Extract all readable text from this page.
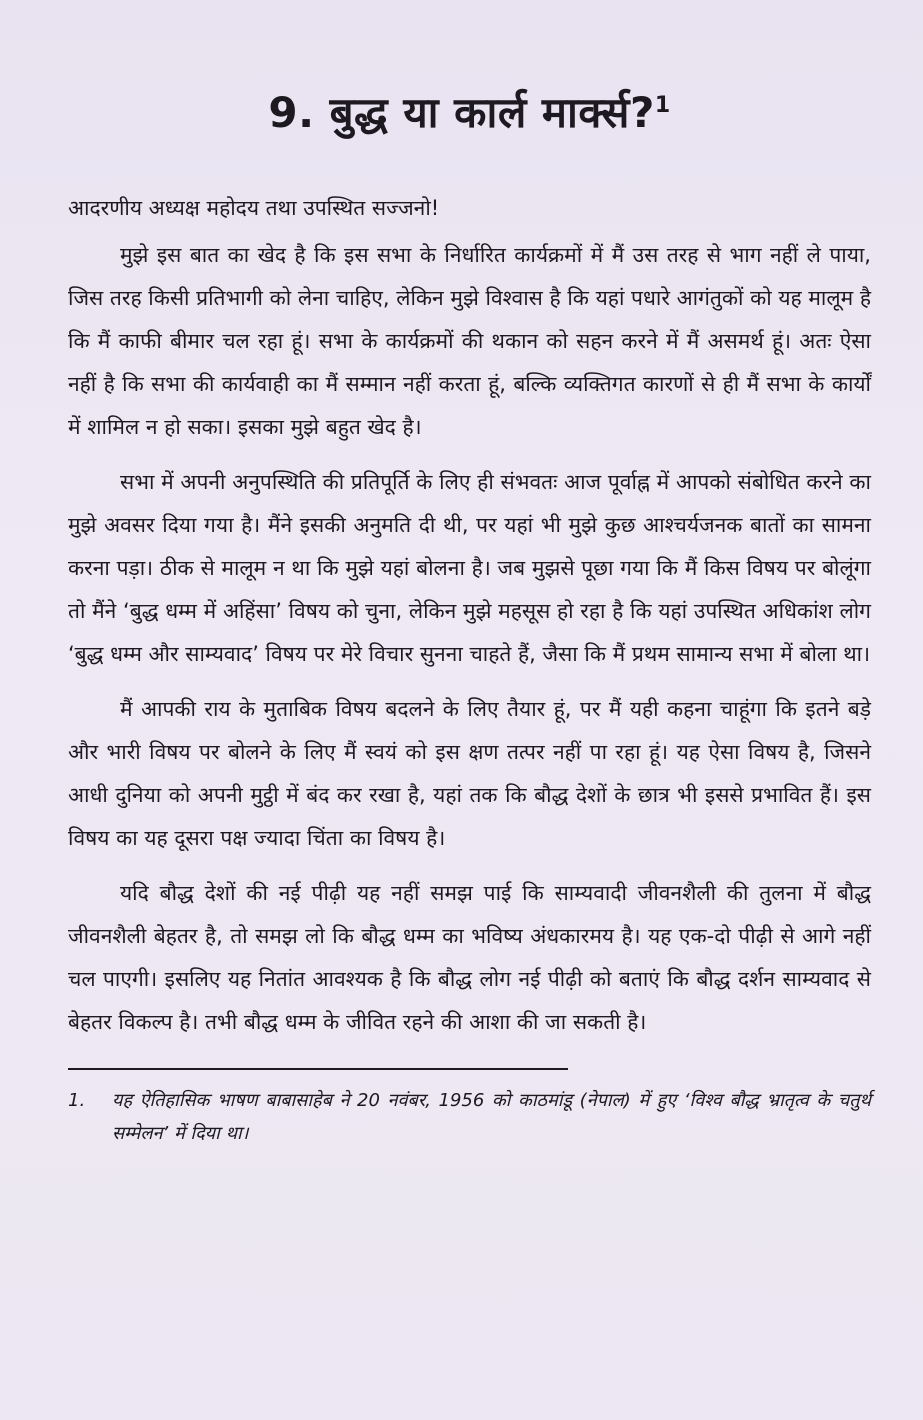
9. बुद्ध या कार्ल मार्क्स?$^1$

आदरणीय अध्यक्ष महोदय तथा उपस्थित सज्जनो!

मुझे इस बात का खेद है कि इस सभा के निर्धारित कार्यक्रमों में मैं उस तरह से भाग नहीं ले पाया, जिस तरह किसी प्रतिभागी को लेना चाहिए, लेकिन मुझे विश्वास है कि यहां पधारे आगंतुकों को यह मालूम है कि मैं काफी बीमार चल रहा हूं। सभा के कार्यक्रमों की थकान को सहन करने में मैं असमर्थ हूं। अतः ऐसा नहीं है कि सभा की कार्यवाही का मैं सम्मान नहीं करता हूं, बल्कि व्यक्तिगत कारणों से ही मैं सभा के कार्यों में शामिल न हो सका। इसका मुझे बहुत खेद है।

सभा में अपनी अनुपस्थिति की प्रतिपूर्ति के लिए ही संभवतः आज पूर्वाह्न में आपको संबोधित करने का मुझे अवसर दिया गया है। मैंने इसकी अनुमति दी थी, पर यहां भी मुझे कुछ आश्चर्यजनक बातों का सामना करना पड़ा। ठीक से मालूम न था कि मुझे यहां बोलना है। जब मुझसे पूछा गया कि मैं किस विषय पर बोलूंगा तो मैंने ‘बुद्ध धम्म में अहिंसा’ विषय को चुना, लेकिन मुझे महसूस हो रहा है कि यहां उपस्थित अधिकांश लोग ‘बुद्ध धम्म और साम्यवाद’ विषय पर मेरे विचार सुनना चाहते हैं, जैसा कि मैं प्रथम सामान्य सभा में बोला था।

मैं आपकी राय के मुताबिक विषय बदलने के लिए तैयार हूं, पर मैं यही कहना चाहूंगा कि इतने बड़े और भारी विषय पर बोलने के लिए मैं स्वयं को इस क्षण तत्पर नहीं पा रहा हूं। यह ऐसा विषय है, जिसने आधी दुनिया को अपनी मुट्ठी में बंद कर रखा है, यहां तक कि बौद्ध देशों के छात्र भी इससे प्रभावित हैं। इस विषय का यह दूसरा पक्ष ज्यादा चिंता का विषय है।

यदि बौद्ध देशों की नई पीढ़ी यह नहीं समझ पाई कि साम्यवादी जीवनशैली की तुलना में बौद्ध जीवनशैली बेहतर है, तो समझ लो कि बौद्ध धम्म का भविष्य अंधकारमय है। यह एक-दो पीढ़ी से आगे नहीं चल पाएगी। इसलिए यह नितांत आवश्यक है कि बौद्ध लोग नई पीढ़ी को बताएं कि बौद्ध दर्शन साम्यवाद से बेहतर विकल्प है। तभी बौद्ध धम्म के जीवित रहने की आशा की जा सकती है।

1.	यह ऐतिहासिक भाषण बाबासाहेब ने 20 नवंबर, 1956 को काठमांडू (नेपाल) में हुए ‘विश्व बौद्ध भ्रातृत्व के चतुर्थ सम्मेलन’ में दिया था।
